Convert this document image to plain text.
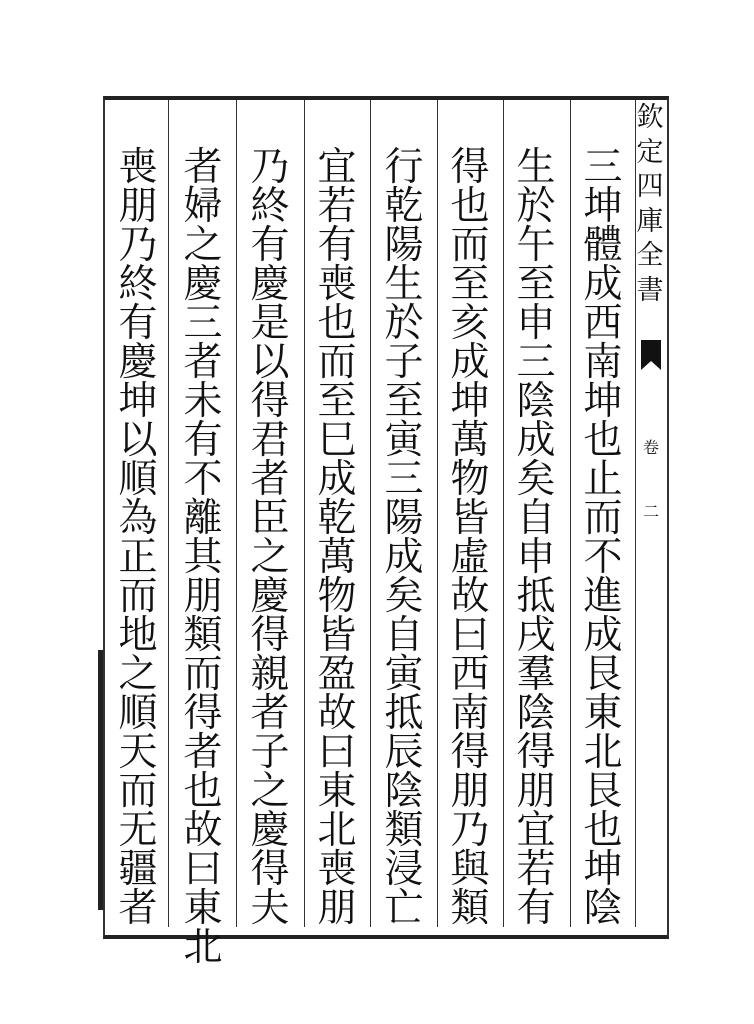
三
坤
體
成
西
南
坤
也
止
而
不
進
成
艮
東
北
艮
也
坤
陰
生
於
午
至
申
三
陰
成
矣
自
申
抵
戌
羣
陰
得
朋
宜
若
有
得
也
而
至
亥
成
坤
萬
物
皆
虛
故
曰
西
南
得
朋
乃
與
類
行
乾
陽
生
於
子
至
寅
三
陽
成
矣
自
寅
抵
辰
陰
類
浸
亡
宜
若
有
喪
也
而
至
巳
成
乾
萬
物
皆
盈
故
曰
東
北
喪
朋
乃
終
有
慶
是
以
得
君
者
臣
之
慶
得
親
者
子
之
慶
得
夫
者
婦
之
慶
三
者
未
有
不
離
其
朋
類
而
得
者
也
故
曰
東
北
喪
朋
乃
終
有
慶
坤
以
順
為
正
而
地
之
順
天
而
无
疆
者
欽
定
四
庫
全
書
卷
二
